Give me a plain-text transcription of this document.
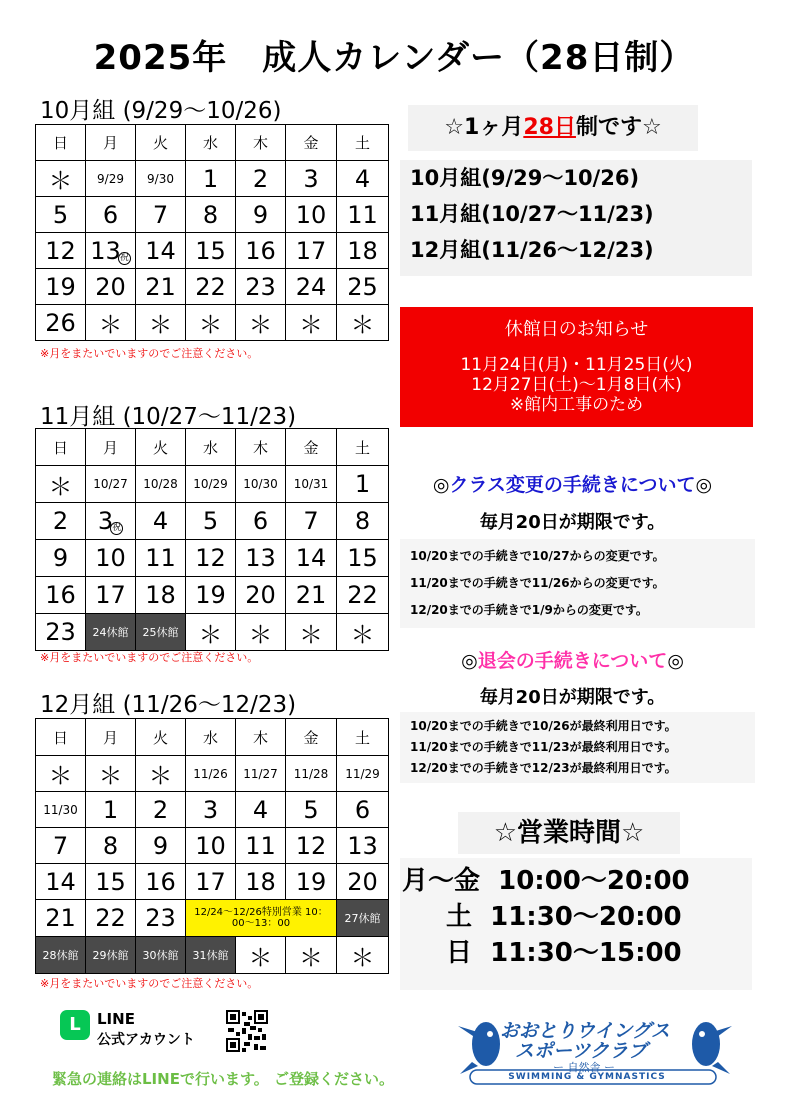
2025年　成人カレンダー（28日制）
10月組 (9/29〜10/26)
日	月	火	水	木	金	土
＊	9/29	9/30	1	2	3	4
5	6	7	8	9	10	11
12	13祝	14	15	16	17	18
19	20	21	22	23	24	25
26	＊	＊	＊	＊	＊	＊
※月をまたいでいますのでご注意ください。
11月組 (10/27〜11/23)
日	月	火	水	木	金	土
＊	10/27	10/28	10/29	10/30	10/31	1
2	3祝	4	5	6	7	8
9	10	11	12	13	14	15
16	17	18	19	20	21	22
23	24休館	25休館	＊	＊	＊	＊
※月をまたいでいますのでご注意ください。
12月組 (11/26〜12/23)
日	月	火	水	木	金	土
＊	＊	＊	11/26	11/27	11/28	11/29
11/30	1	2	3	4	5	6
7	8	9	10	11	12	13
14	15	16	17	18	19	20
21	22	23	12/24〜12/26特別営業 10：00〜13：00			27休館
28休館	29休館	30休館	31休館	＊	＊	＊
※月をまたいでいますのでご注意ください。
☆1ヶ月28日制です☆
10月組(9/29〜10/26)
11月組(10/27〜11/23)
12月組(11/26〜12/23)
休館日のお知らせ
11月24日(月)・11月25日(火)
12月27日(土)〜1月8日(木)
※館内工事のため
◎クラス変更の手続きについて◎
毎月20日が期限です。
10/20までの手続きで10/27からの変更です。
11/20までの手続きで11/26からの変更です。
12/20までの手続きで1/9からの変更です。
◎退会の手続きについて◎
毎月20日が期限です。
10/20までの手続きで10/26が最終利用日です。
11/20までの手続きで11/23が最終利用日です。
12/20までの手続きで12/23が最終利用日です。
☆営業時間☆
月〜金 10:00〜20:00
土 11:30〜20:00
日 11:30〜15:00
L	LINE
公式アカウント
緊急の連絡はLINEで行います。 ご登録ください。
おおとりウイングス
スポーツクラブ
ー 自然舎 ー
SWIMMING & GYMNASTICS
